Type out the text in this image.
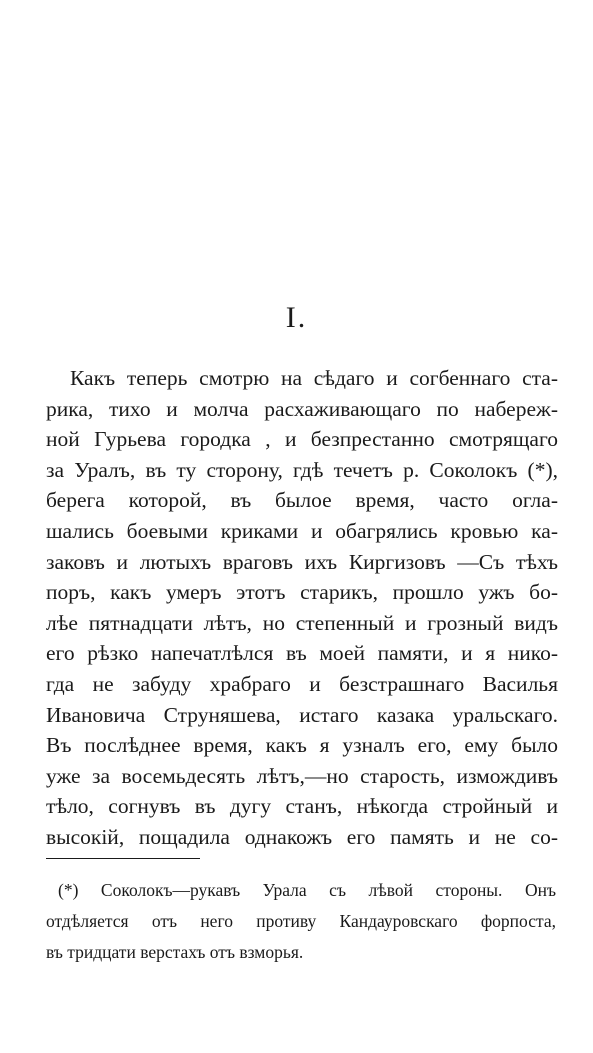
I.
Какъ теперь смотрю на сѣдаго и согбеннаго ста-
рика, тихо и молча расхаживающаго по набереж-
ной Гурьева городка , и безпрестанно смотрящаго
за Уралъ, въ ту сторону, гдѣ течетъ р. Соколокъ (*),
берега которой, въ былое время, часто огла-
шались боевыми криками и обагрялись кровью ка-
заковъ и лютыхъ враговъ ихъ Киргизовъ —Съ тѣхъ
поръ, какъ умеръ этотъ старикъ, прошло ужъ бо-
лѣе пятнадцати лѣтъ, но степенный и грозный видъ
его рѣзко напечатлѣлся въ моей памяти, и я нико-
гда не забуду храбраго и безстрашнаго Василья
Ивановича Струняшева, истаго казака уральскаго.
Въ послѣднее время, какъ я узналъ его, ему было
уже за восемьдесять лѣтъ,—но старость, измождивъ
тѣло, согнувъ въ дугу станъ, нѣкогда стройный и
высокій, пощадила однакожъ его память и не со-
(*) Соколокъ—рукавъ Урала съ лѣвой стороны. Онъ
отдѣляется отъ него противу Кандауровскаго форпоста,
въ тридцати верстахъ отъ взморья.
